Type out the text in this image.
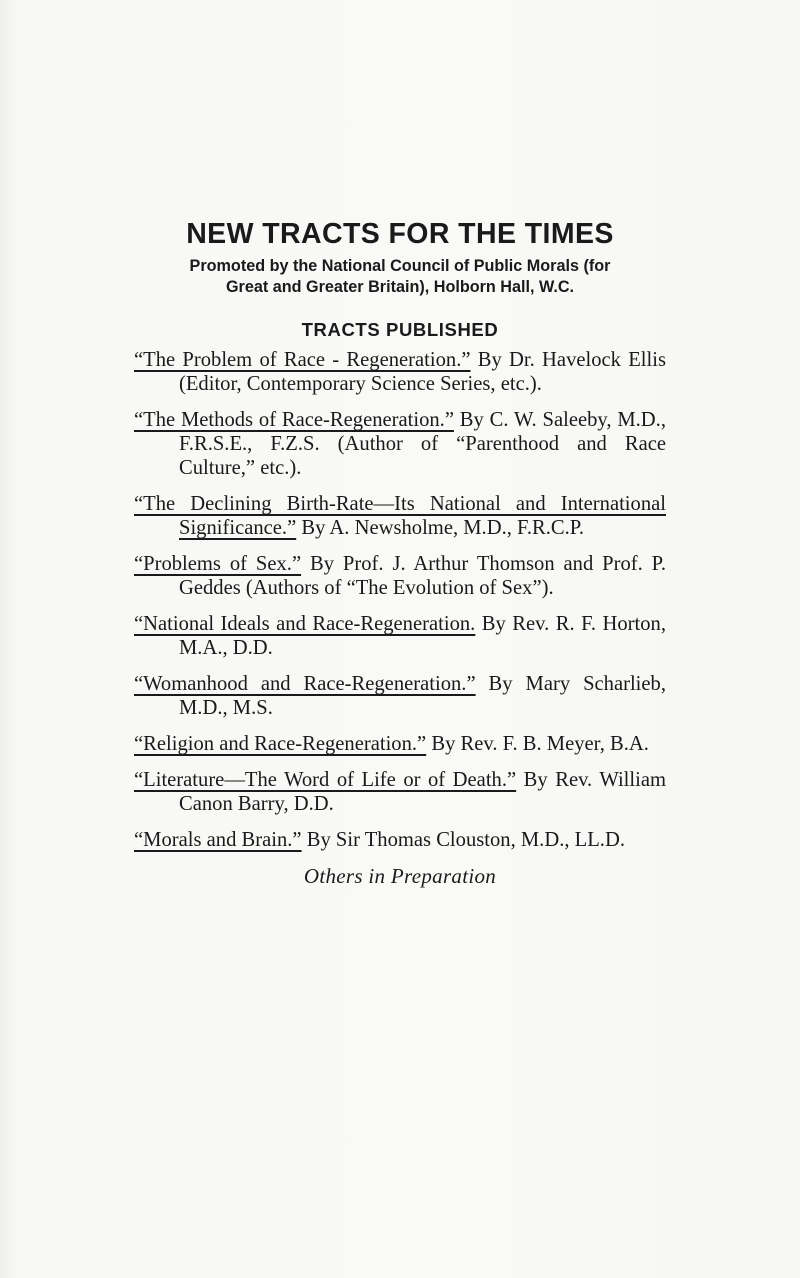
NEW TRACTS FOR THE TIMES
Promoted by the National Council of Public Morals (for
Great and Greater Britain), Holborn Hall, W.C.
TRACTS PUBLISHED
“The Problem of Race - Regeneration.” By Dr. Havelock Ellis (Editor, Contemporary Science Series, etc.).
“The Methods of Race-Regeneration.” By C. W. Saleeby, M.D., F.R.S.E., F.Z.S. (Author of “Parenthood and Race Culture,” etc.).
“The Declining Birth-Rate—Its National and International Significance.” By A. Newsholme, M.D., F.R.C.P.
“Problems of Sex.” By Prof. J. Arthur Thomson and Prof. P. Geddes (Authors of “The Evolution of Sex”).
“National Ideals and Race-Regeneration. By Rev. R. F. Horton, M.A., D.D.
“Womanhood and Race-Regeneration.” By Mary Scharlieb, M.D., M.S.
“Religion and Race-Regeneration.” By Rev. F. B. Meyer, B.A.
“Literature—The Word of Life or of Death.” By Rev. William Canon Barry, D.D.
“Morals and Brain.” By Sir Thomas Clouston, M.D., LL.D.
Others in Preparation
